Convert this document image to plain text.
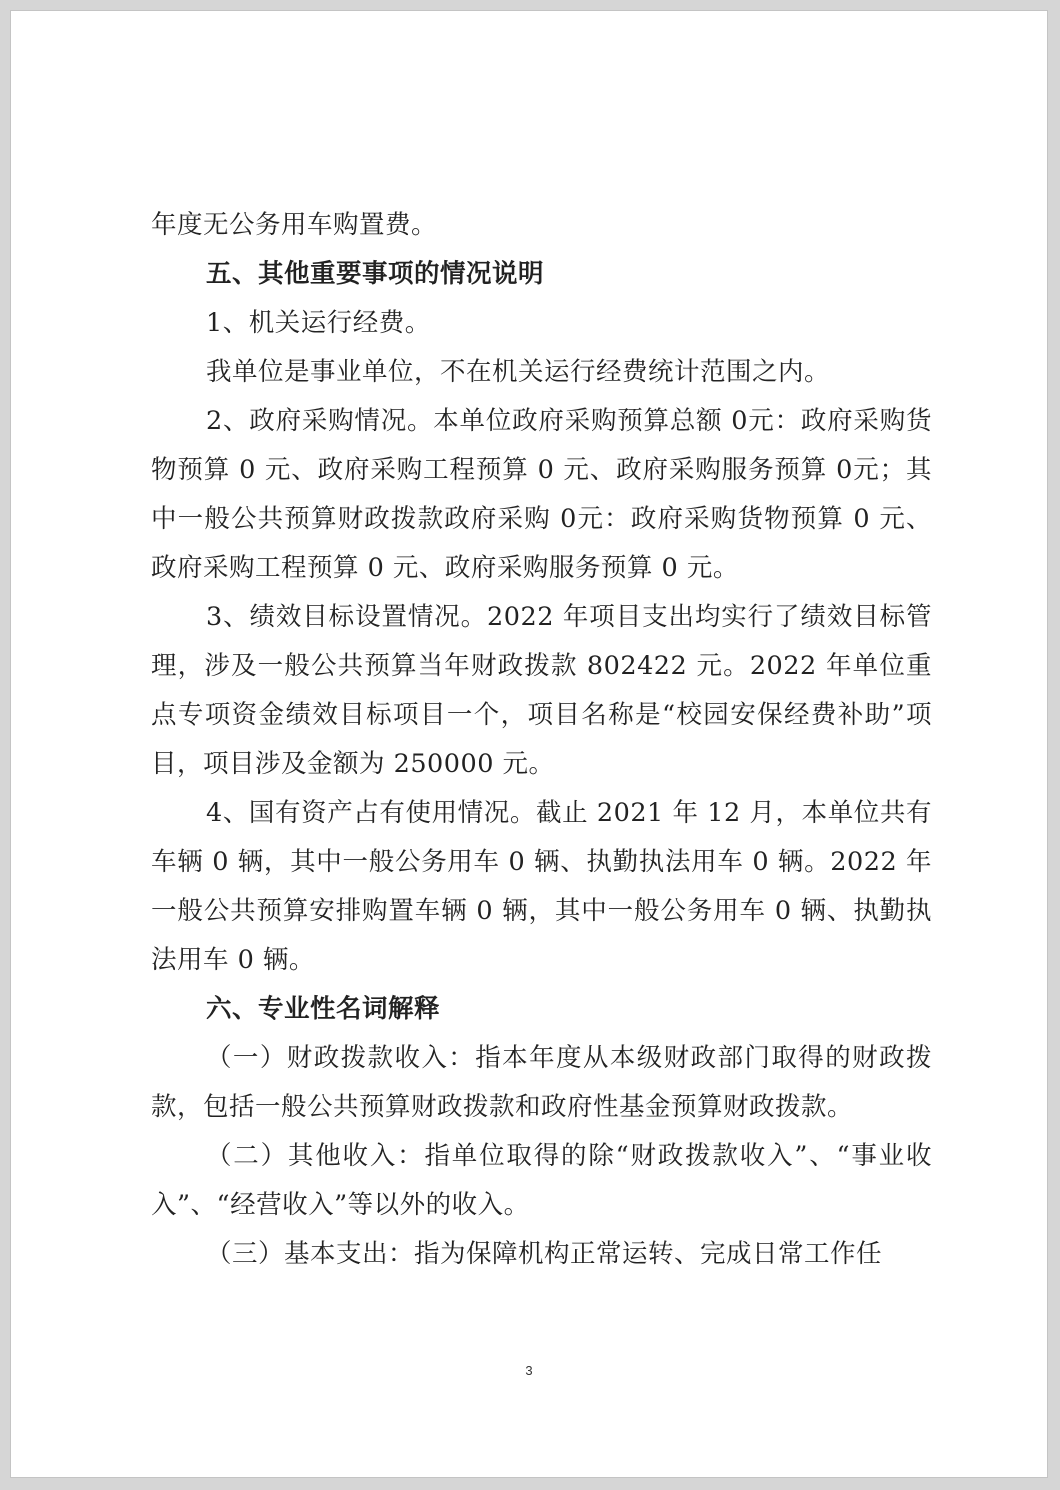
年度无公务用车购置费。

五、其他重要事项的情况说明

1、机关运行经费。

我单位是事业单位，不在机关运行经费统计范围之内。

2、政府采购情况。本单位政府采购预算总额 0元：政府采购货物预算 0 元、政府采购工程预算 0 元、政府采购服务预算 0元；其中一般公共预算财政拨款政府采购 0元：政府采购货物预算 0 元、政府采购工程预算 0 元、政府采购服务预算 0 元。

3、绩效目标设置情况。2022 年项目支出均实行了绩效目标管理，涉及一般公共预算当年财政拨款 802422 元。2022 年单位重点专项资金绩效目标项目一个，项目名称是“校园安保经费补助”项目，项目涉及金额为 250000 元。

4、国有资产占有使用情况。截止 2021 年 12 月，本单位共有车辆 0 辆，其中一般公务用车 0 辆、执勤执法用车 0 辆。2022 年一般公共预算安排购置车辆 0 辆，其中一般公务用车 0 辆、执勤执法用车 0 辆。

六、专业性名词解释

（一）财政拨款收入：指本年度从本级财政部门取得的财政拨款，包括一般公共预算财政拨款和政府性基金预算财政拨款。

（二）其他收入：指单位取得的除“财政拨款收入”、“事业收入”、“经营收入”等以外的收入。

（三）基本支出：指为保障机构正常运转、完成日常工作任

3
